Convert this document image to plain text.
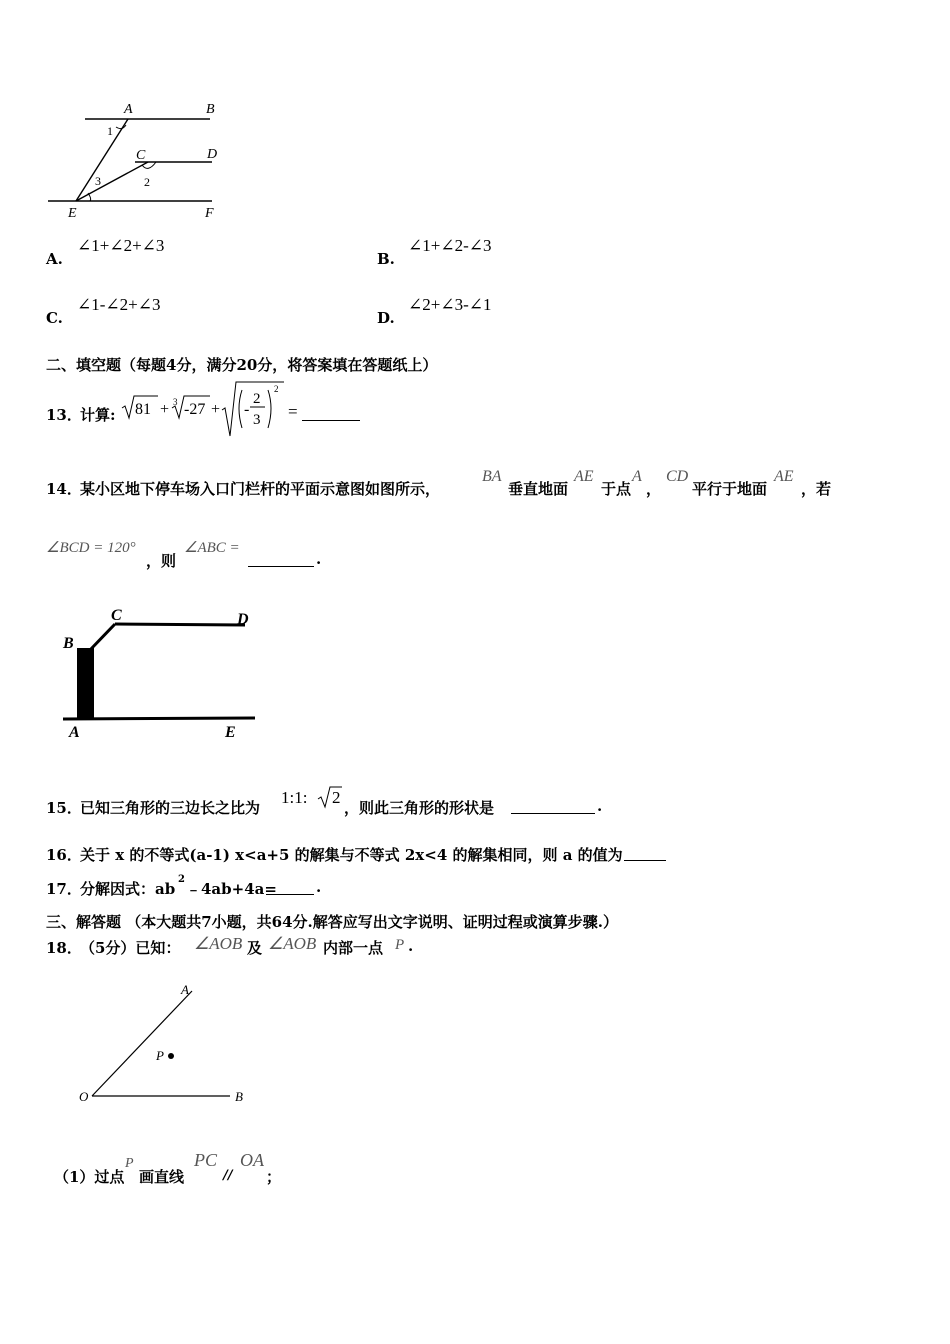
A	B
C	D
E	F
1
2
3
A.
∠1+∠2+∠3
B.
∠1+∠2-∠3
C.
∠1-∠2+∠3
D.
∠2+∠3-∠1
二、填空题（每题4分，满分20分，将答案填在答题纸上）
13．
计算: 81 + 3 -27 + -
2
3
2
=
14．
某小区地下停车场入口门栏杆的平面示意图如图所示，
BA
垂直地面
AE
于点
A
，
CD
平行于地面
AE
，若
∠BCD = 120°
，则
∠ABC =
.
C	D
B
A	E
15．
已知三角形的三边长之比为
1:1: 2
，则此三角形的形状是	.
16．
关于 x 的不等式(a-1) x<a+5 的解集与不等式 2x<4 的解集相同，则 a 的值为
17．
分解因式：ab
2
﹣4ab+4a=	.
三、解答题 （本大题共7小题，共64分.解答应写出文字说明、证明过程或演算步骤.）
18．
（5分）已知： ∠AOB 及 ∠AOB 内部一点 P .
A
P
O	B
（1）过点
P
画直线
PC
//
OA
；
